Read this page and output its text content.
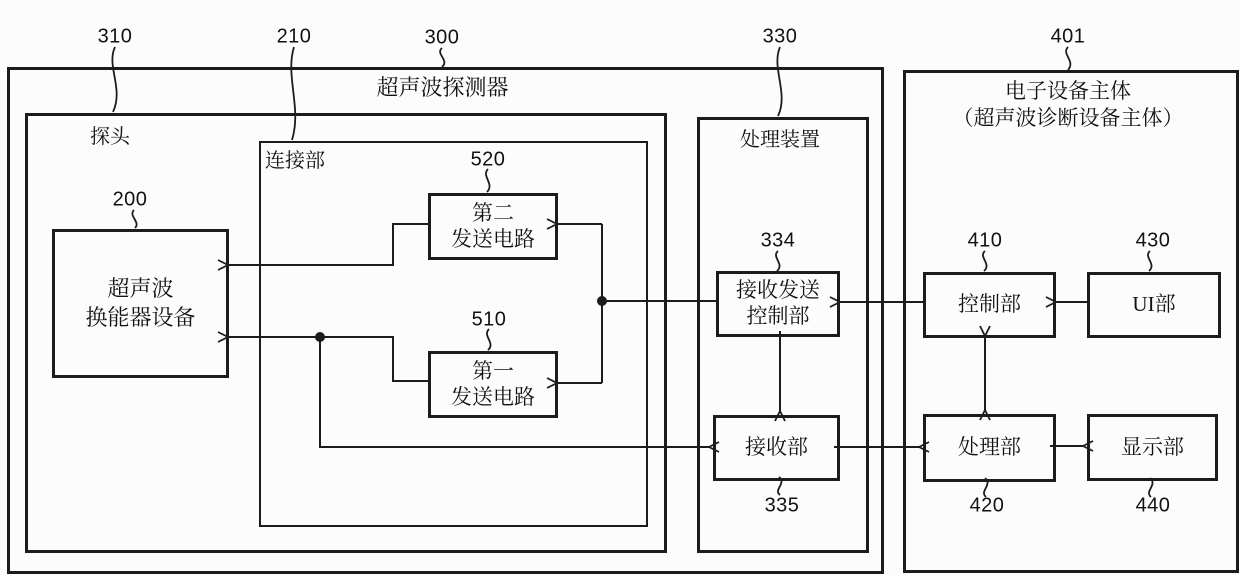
超声波探测器
探头
连接部
处理装置
电子设备主体
（超声波诊断设备主体）
超声波
换能器设备
第二
发送电路
第一
发送电路
接收发送
控制部
接收部
控制部	UI部
处理部	显示部
310	210	300	330	401
200
520
510
334	410	430
335	420	440
